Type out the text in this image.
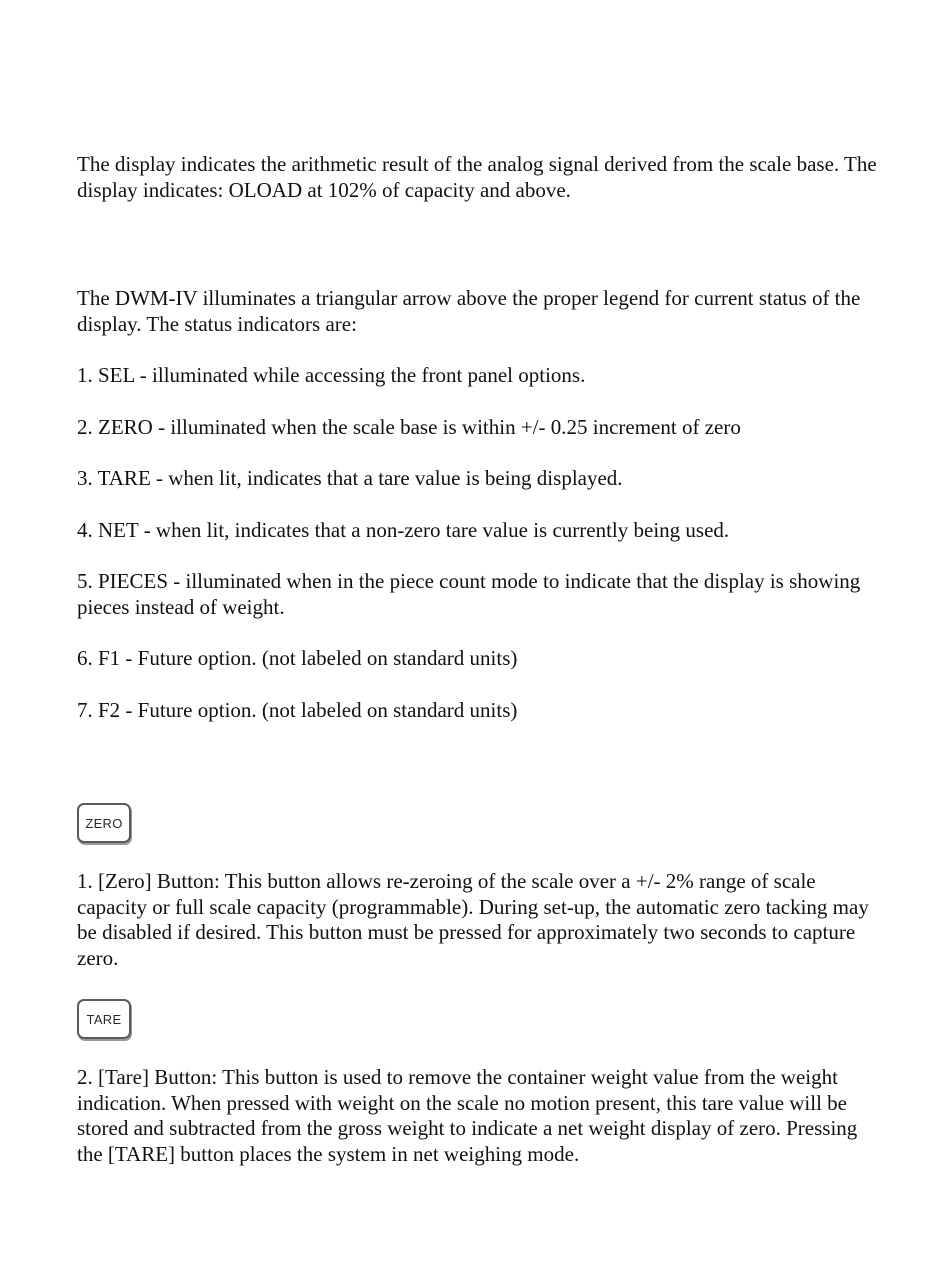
The display indicates the arithmetic result of the analog signal derived from the scale base. The display indicates: OLOAD at 102% of capacity and above.

The DWM-IV illuminates a triangular arrow above the proper legend for current status of the display. The status indicators are:

1. SEL - illuminated while accessing the front panel options.

2. ZERO - illuminated when the scale base is within +/- 0.25 increment of zero

3. TARE - when lit, indicates that a tare value is being displayed.

4. NET - when lit, indicates that a non-zero tare value is currently being used.

5. PIECES - illuminated when in the piece count mode to indicate that the display is showing pieces instead of weight.

6. F1 - Future option. (not labeled on standard units)

7. F2 - Future option. (not labeled on standard units)

ZERO

1. [Zero] Button: This button allows re-zeroing of the scale over a +/- 2% range of scale capacity or full scale capacity (programmable). During set-up, the automatic zero tacking may be disabled if desired. This button must be pressed for approximately two seconds to capture zero.

TARE

2. [Tare] Button: This button is used to remove the container weight value from the weight indication. When pressed with weight on the scale no motion present, this tare value will be stored and subtracted from the gross weight to indicate a net weight display of zero. Pressing the [TARE] button places the system in net weighing mode.
